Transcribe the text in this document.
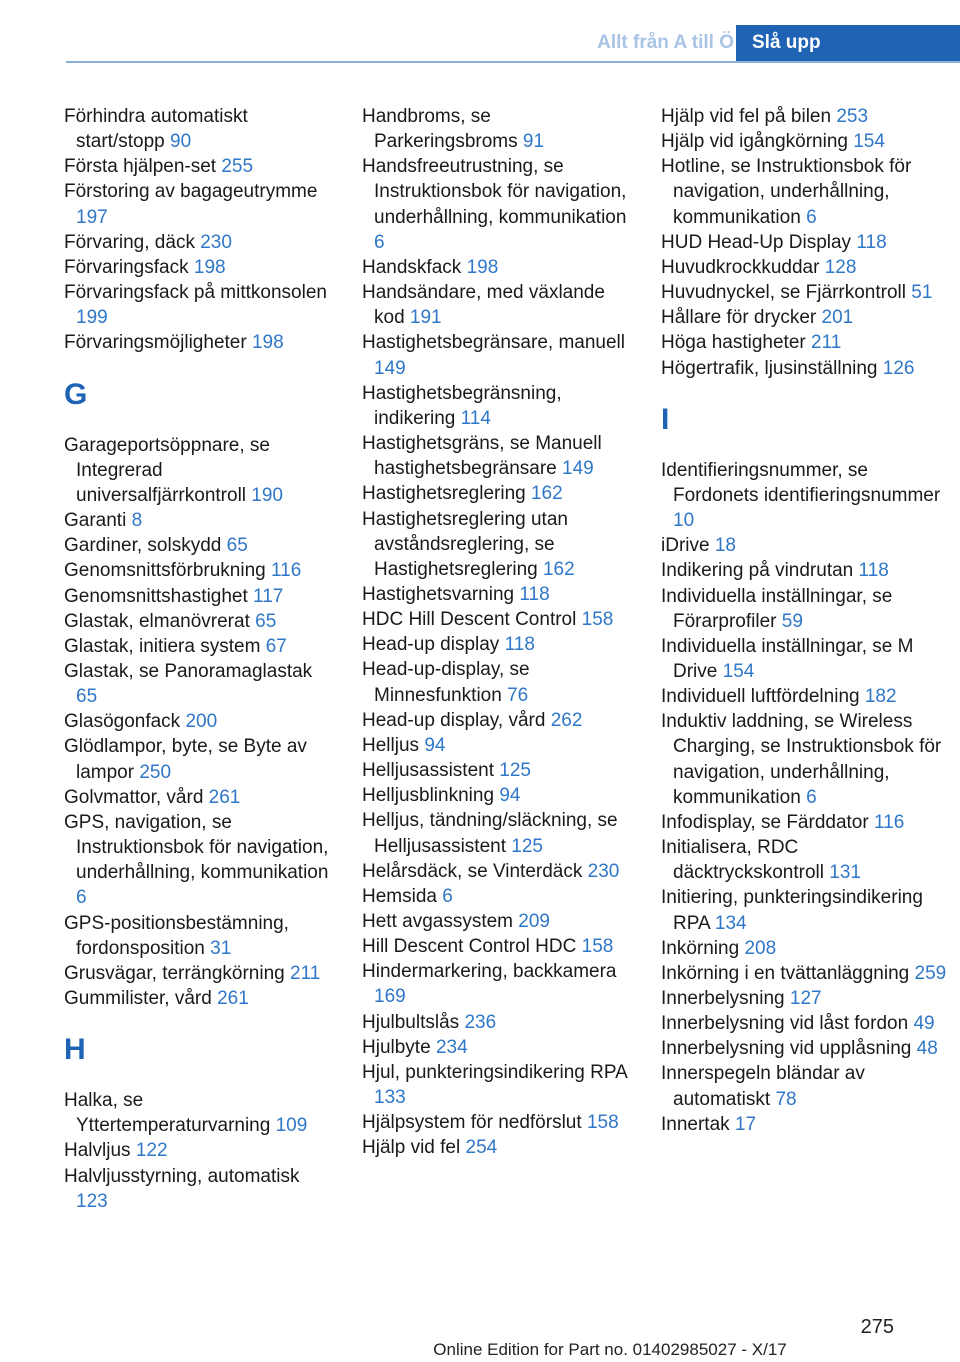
Allt från A till Ö Slå upp
Förhindra automatiskt start/stopp 90
Första hjälpen-set 255
Förstoring av bagageutrymme 197
Förvaring, däck 230
Förvaringsfack 198
Förvaringsfack på mittkonsolen 199
Förvaringsmöjligheter 198
G
Garageportsöppnare, se Integrerad universalfjärrkontroll 190
Garanti 8
Gardiner, solskydd 65
Genomsnittsförbrukning 116
Genomsnittshastighet 117
Glastak, elmanövrerat 65
Glastak, initiera system 67
Glastak, se Panoramaglastak 65
Glasögonfack 200
Glödlampor, byte, se Byte av lampor 250
Golvmattor, vård 261
GPS, navigation, se Instruktionsbok för navigation, underhållning, kommunikation 6
GPS-positionsbestämning, fordonsposition 31
Grusvägar, terrängkörning 211
Gummilister, vård 261
H
Halka, se Yttertemperaturvarning 109
Halvljus 122
Halvljusstyrning, automatisk 123
Handbroms, se Parkeringsbroms 91
Handsfreeutrustning, se Instruktionsbok för navigation, underhållning, kommunikation 6
Handskfack 198
Handsändare, med växlande kod 191
Hastighetsbegränsare, manuell 149
Hastighetsbegränsning, indikering 114
Hastighetsgräns, se Manuell hastighetsbegränsare 149
Hastighetsreglering 162
Hastighetsreglering utan avståndsreglering, se Hastighetsreglering 162
Hastighetsvarning 118
HDC Hill Descent Control 158
Head-up display 118
Head-up-display, se Minnesfunktion 76
Head-up display, vård 262
Helljus 94
Helljusassistent 125
Helljusblinkning 94
Helljus, tändning/släckning, se Helljusassistent 125
Helårsdäck, se Vinterdäck 230
Hemsida 6
Hett avgassystem 209
Hill Descent Control HDC 158
Hindermarkering, backkamera 169
Hjulbultslås 236
Hjulbyte 234
Hjul, punkteringsindikering RPA 133
Hjälpsystem för nedförslut 158
Hjälp vid fel 254
Hjälp vid fel på bilen 253
Hjälp vid igångkörning 154
Hotline, se Instruktionsbok för navigation, underhållning, kommunikation 6
HUD Head-Up Display 118
Huvudkrockkuddar 128
Huvudnyckel, se Fjärrkontroll 51
Hållare för drycker 201
Höga hastigheter 211
Högertrafik, ljusinställning 126
I
Identifieringsnummer, se Fordonets identifieringsnummer 10
iDrive 18
Indikering på vindrutan 118
Individuella inställningar, se Förarprofiler 59
Individuella inställningar, se M Drive 154
Individuell luftfördelning 182
Induktiv laddning, se Wireless Charging, se Instruktionsbok för navigation, underhållning, kommunikation 6
Infodisplay, se Färddator 116
Initialisera, RDC däcktryckskontroll 131
Initiering, punkteringsindikering RPA 134
Inkörning 208
Inkörning i en tvättanläggning 259
Innerbelysning 127
Innerbelysning vid låst fordon 49
Innerbelysning vid upplåsning 48
Innerspegeln bländar av automatiskt 78
Innertak 17
275
Online Edition for Part no. 01402985027 - X/17
